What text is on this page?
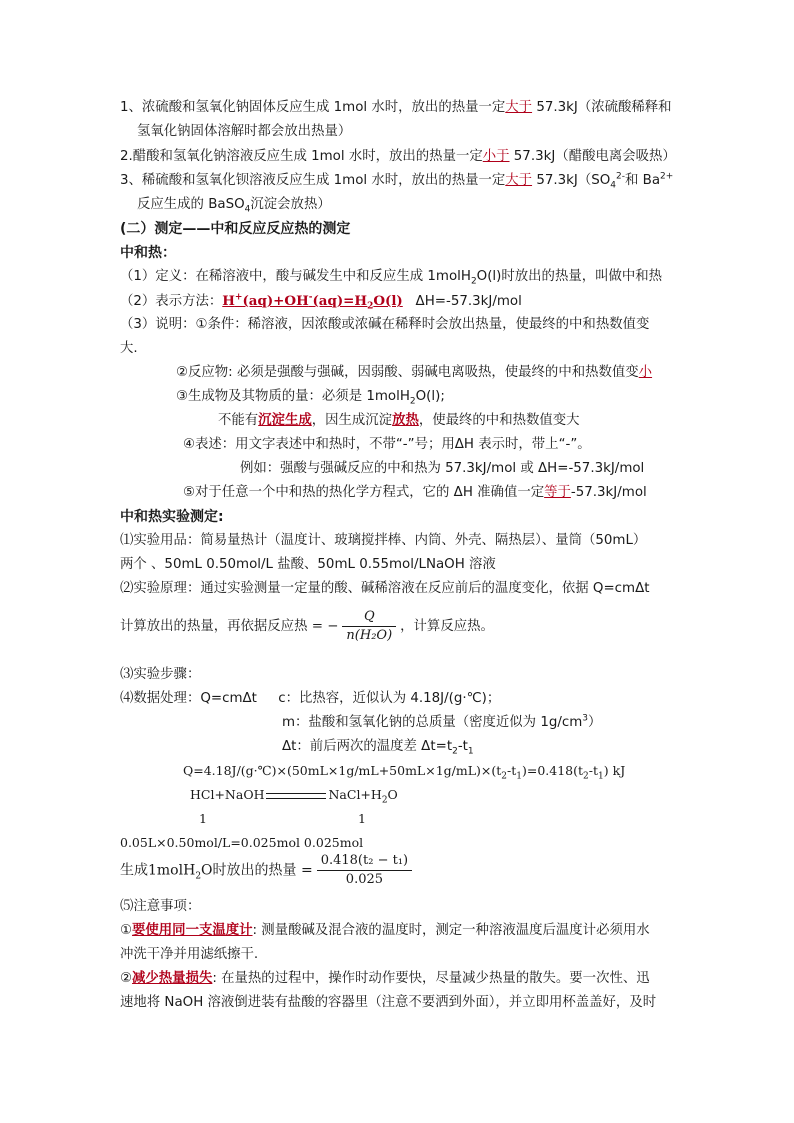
1、浓硫酸和氢氧化钠固体反应生成 1mol 水时，放出的热量一定大于 57.3kJ（浓硫酸稀释和
氢氧化钠固体溶解时都会放出热量）
2.醋酸和氢氧化钠溶液反应生成 1mol 水时，放出的热量一定小于 57.3kJ（醋酸电离会吸热）
3、稀硫酸和氢氧化钡溶液反应生成 1mol 水时，放出的热量一定大于 $57.3kJ(SO_4^{2-}$和 $Ba^{2+}$
反应生成的 BaSO$_4$沉淀会放热）
(二）测定——中和反应反应热的测定
中和热：
（1）定义：在稀溶液中，酸与碱发生中和反应生成 1molH$_2$O(l)时放出的热量，叫做中和热
（2）表示方法：$H^+(aq)+OH^-(aq)=H_2O(l)$ ΔH=-57.3kJ/mol
（3）说明：①条件：稀溶液，因浓酸或浓碱在稀释时会放出热量，使最终的中和热数值变
大.
②反应物: 必须是强酸与强碱，因弱酸、弱碱电离吸热，使最终的中和热数值变小
③生成物及其物质的量：必须是 1molH$_2$O(l);
不能有沉淀生成，因生成沉淀放热，使最终的中和热数值变大
④表述：用文字表述中和热时，不带“-”号；用ΔH 表示时，带上“-”。
例如：强酸与强碱反应的中和热为 57.3kJ/mol 或 ΔH=-57.3kJ/mol
⑤对于任意一个中和热的热化学方程式，它的 ΔH 准确值一定等于-57.3kJ/mol
中和热实验测定:
⑴实验用品：简易量热计（温度计、玻璃搅拌棒、内筒、外壳、隔热层）、量筒（50mL）
两个 、50mL 0.50mol/L 盐酸、50mL 0.55mol/LNaOH 溶液
⑵实验原理：通过实验测量一定量的酸、碱稀溶液在反应前后的温度变化，依据 Q=cmΔt
计算放出的热量，再依据反应热 = − $\frac{Q}{\text{n(H₂O)}}$ ，计算反应热。
⑶实验步骤：
⑷数据处理：Q=cmΔt c：比热容，近似认为 4.18J/(g·℃)；
m：盐酸和氢氧化钠的总质量（密度近似为 $1g/cm^3$）
Δt：前后两次的温度差 $\Delta t=t_2-t_1$
$Q=4.18J/(g\cdot℃)\times(50mL\times 1g/mL+50mL\times 1g/mL)\times(t_2-t_1)=0.418(t_2-t_1)$ kJ
HCl+NaOH	$NaCl+H_2O$
1	1
0.05L×0.50mol/L=0.025mol 0.025mol
生成1molH$_2$O时放出的热量 = $\frac{\text{0.418(t₂ − t₁)}}{0.025}$
⑸注意事项：
①要使用同一支温度计: 测量酸碱及混合液的温度时，测定一种溶液温度后温度计必须用水
冲洗干净并用滤纸擦干.
②减少热量损失: 在量热的过程中，操作时动作要快，尽量减少热量的散失。要一次性、迅
速地将 NaOH 溶液倒进装有盐酸的容器里（注意不要洒到外面），并立即用杯盖盖好，及时
